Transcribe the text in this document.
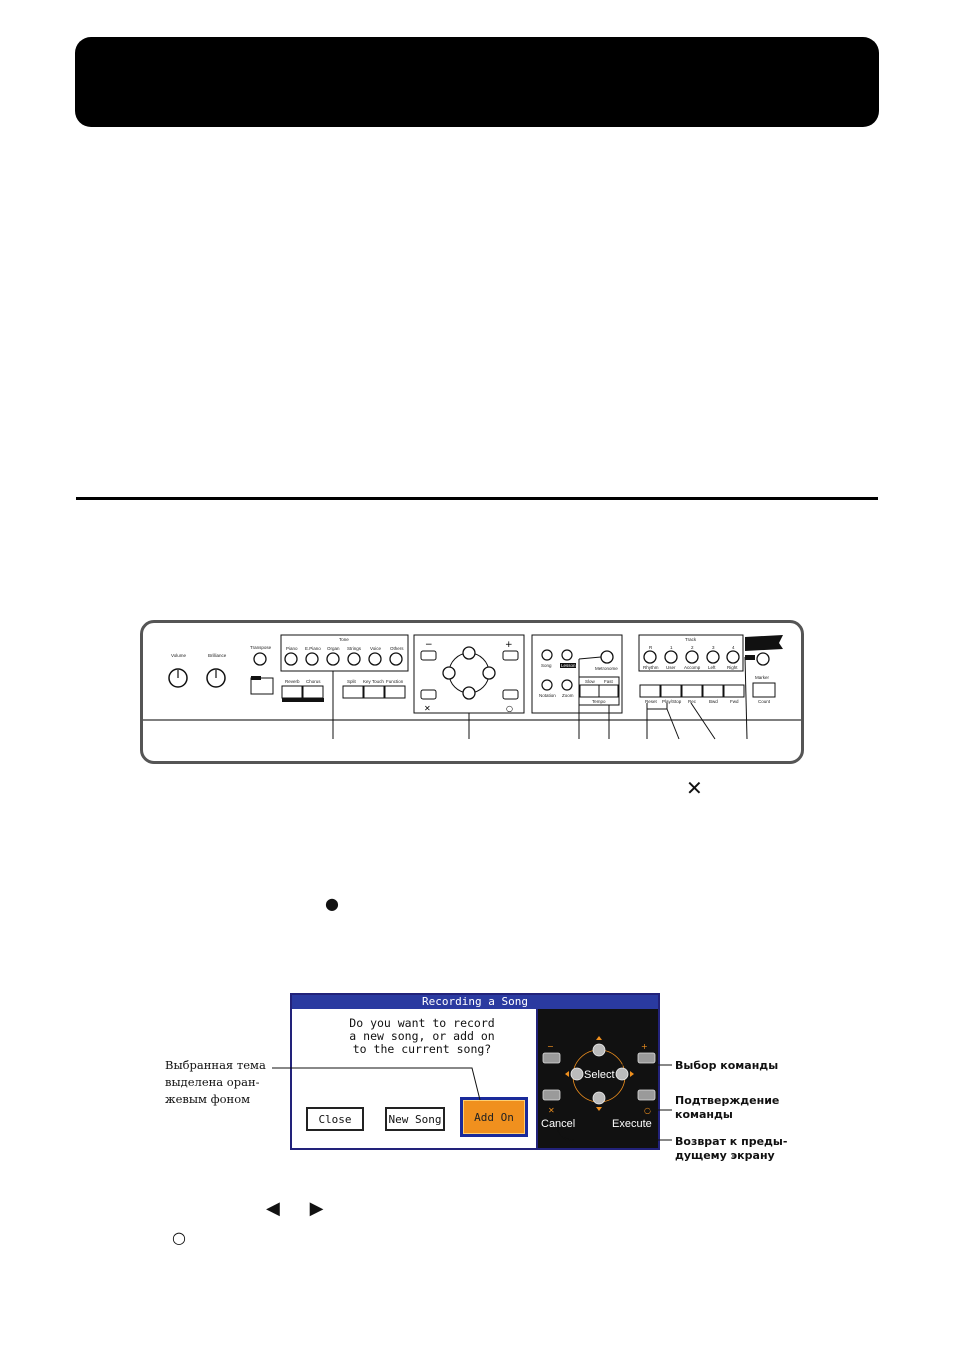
Volume	Brilliance
Transpose
Tone
Piano E.Piano Organ Strings Voice Others
Reverb Chorus	Split Key Touch Function
−	+
✕	○
Song Lesson
Metronome
Notation Zoom
Slow Fast
Tempo
Track
R	1	2	3	4
Rhythm User Accomp Left	Right
Reset Play/Stop Rec	Bwd	Fwd
Marker
Count
✕
●
◀ ▶
○
Recording a Song
Do you want to record
a new song, or add on
to the current song?
Close	New Song	Add On
−	+
Select
✕	○
Cancel	Execute
Выбранная тема
выделена оран-
жевым фоном
Выбор команды
Подтверждение
команды
Возврат к преды-
дущему экрану
